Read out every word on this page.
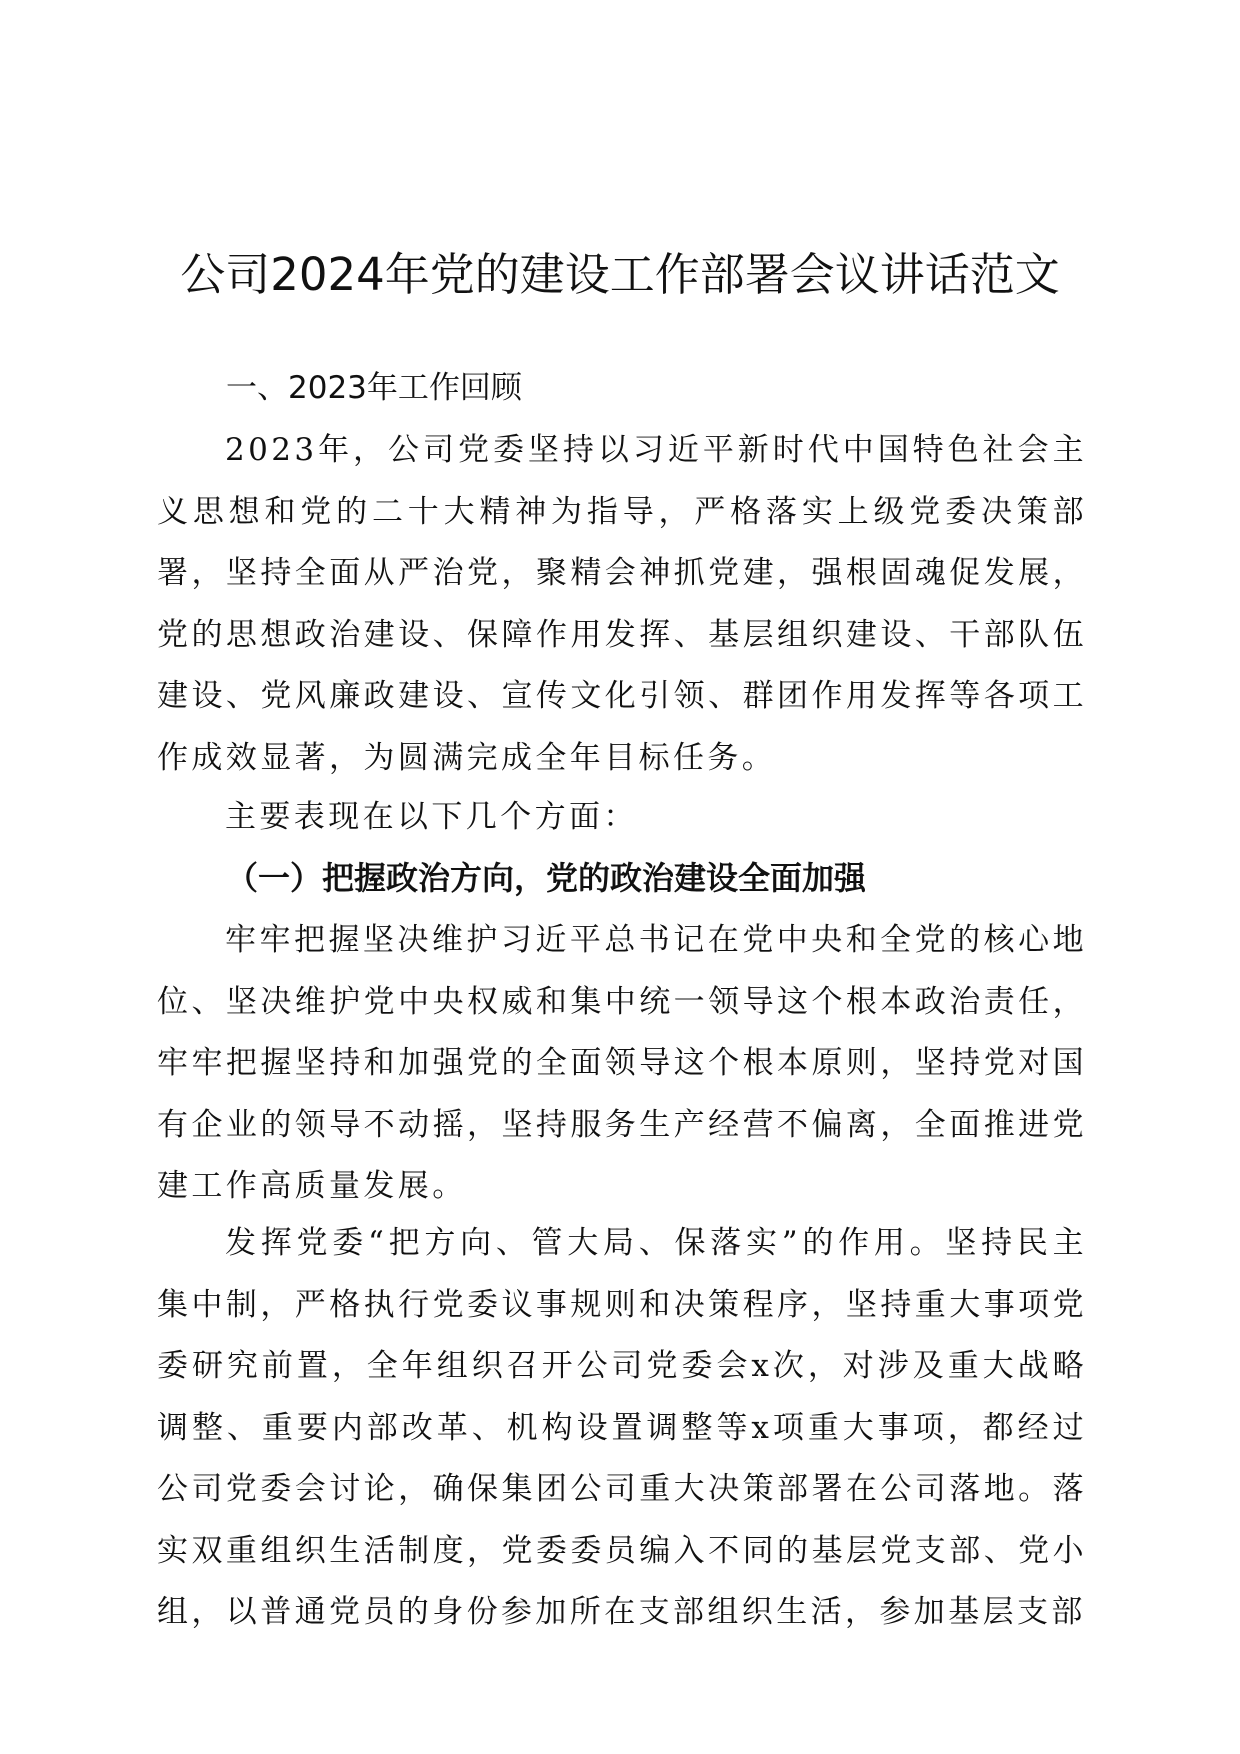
公司2024年党的建设工作部署会议讲话范文
一、2023年工作回顾

2023年，公司党委坚持以习近平新时代中国特色社会主义思想和党的二十大精神为指导，严格落实上级党委决策部署，坚持全面从严治党，聚精会神抓党建，强根固魂促发展，党的思想政治建设、保障作用发挥、基层组织建设、干部队伍建设、党风廉政建设、宣传文化引领、群团作用发挥等各项工作成效显著，为圆满完成全年目标任务。

主要表现在以下几个方面：

（一）把握政治方向，党的政治建设全面加强

牢牢把握坚决维护习近平总书记在党中央和全党的核心地位、坚决维护党中央权威和集中统一领导这个根本政治责任，牢牢把握坚持和加强党的全面领导这个根本原则，坚持党对国有企业的领导不动摇，坚持服务生产经营不偏离，全面推进党建工作高质量发展。

发挥党委“把方向、管大局、保落实”的作用。坚持民主集中制，严格执行党委议事规则和决策程序，坚持重大事项党委研究前置，全年组织召开公司党委会x次，对涉及重大战略调整、重要内部改革、机构设置调整等x项重大事项，都经过公司党委会讨论，确保集团公司重大决策部署在公司落地。落实双重组织生活制度，党委委员编入不同的基层党支部、党小组，以普通党员的身份参加所在支部组织生活，参加基层支部
